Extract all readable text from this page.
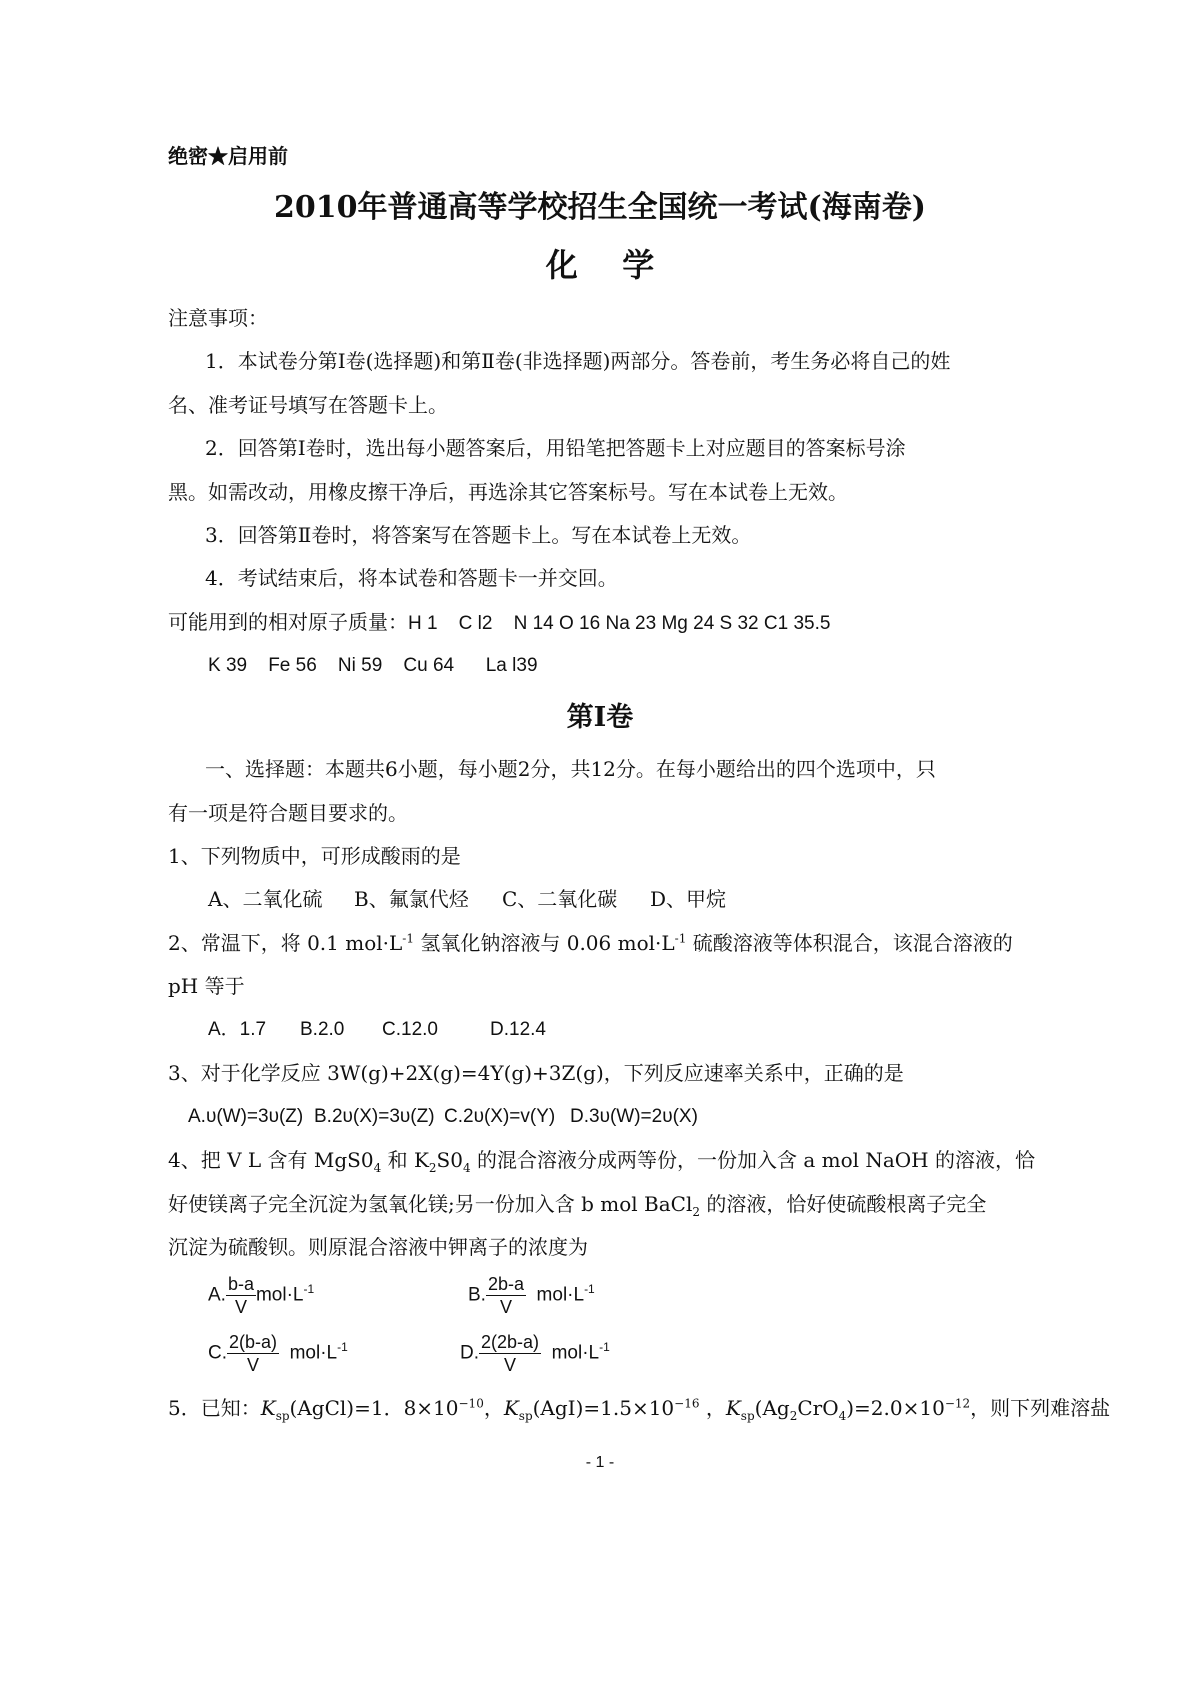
绝密★启用前
2010年普通高等学校招生全国统一考试(海南卷)
化    学
注意事项：
1．本试卷分第Ⅰ卷(选择题)和第Ⅱ卷(非选择题)两部分。答卷前，考生务必将自己的姓
名、准考证号填写在答题卡上。
2．回答第Ⅰ卷时，选出每小题答案后，用铅笔把答题卡上对应题目的答案标号涂
黑。如需改动，用橡皮擦干净后，再选涂其它答案标号。写在本试卷上无效。
3．回答第Ⅱ卷时，将答案写在答题卡上。写在本试卷上无效。
4．考试结束后，将本试卷和答题卡一并交回。
可能用到的相对原子质量：H 1    C l2    N 14 O 16 Na 23 Mg 24 S 32 C1 35.5
K 39    Fe 56    Ni 59    Cu 64      La l39
第Ⅰ卷
一、选择题：本题共6小题，每小题2分，共12分。在每小题给出的四个选项中，只
有一项是符合题目要求的。
1、下列物质中，可形成酸雨的是
A、二氧化硫 B、氟氯代烃 C、二氧化碳 D、甲烷
2、常温下，将 0.1 $mol\cdot L^{-1}$ 氢氧化钠溶液与 0.06 $mol\cdot L^{-1}$ 硫酸溶液等体积混合，该混合溶液的
pH 等于
A．1.7 B.2.0 C.12.0	D.12.4
3、对于化学反应 3W(g)+2X(g)=4Y(g)+3Z(g)，下列反应速率关系中，正确的是
A.υ(W)=3υ(Z) B.2υ(X)=3υ(Z) C.2υ(X)=v(Y) D.3υ(W)=2υ(X)
4、把 V L 含有 $MgS0_4$ 和 $K_2S0_4$ 的混合溶液分成两等份，一份加入含 a mol NaOH 的溶液，恰
好使镁离子完全沉淀为氢氧化镁;另一份加入含 b mol BaCl$_2$ 的溶液，恰好使硫酸根离子完全
沉淀为硫酸钡。则原混合溶液中钾离子的浓度为
A. $\frac{b-a}{V} mol\cdot L^{-1}$	B. $\frac{2b-a}{V} mol\cdot L^{-1}$
C. $\frac{2(b-a)}{V} mol\cdot L^{-1}$	D. $\frac{2(2b-a)}{V} mol\cdot L^{-1}$
5．已知：$K_{sp}(AgCl)=1$．$8\times 10^{-10}$，$K_{sp}(AgI)=1.5\times 10^{-16}$ ，$K_{sp}(Ag_2CrO_4)=2.0\times 10^{-12}$，则下列难溶盐
- 1 -
